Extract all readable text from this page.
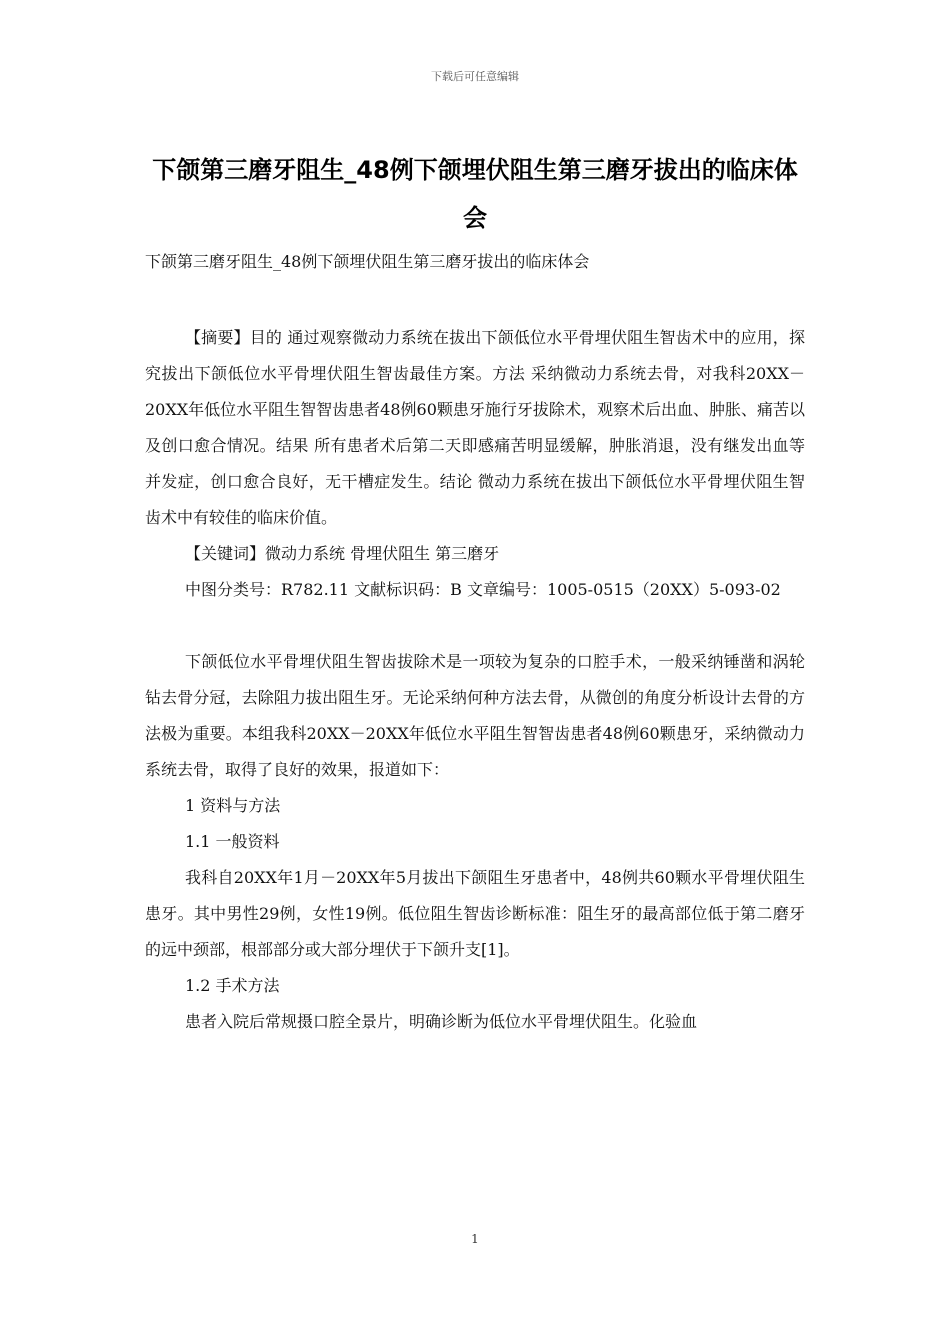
下载后可任意编辑
下颌第三磨牙阻生_48例下颌埋伏阻生第三磨牙拔出的临床体会
下颌第三磨牙阻生_48例下颌埋伏阻生第三磨牙拔出的临床体会

【摘要】目的 通过观察微动力系统在拔出下颌低位水平骨埋伏阻生智齿术中的应用，探究拔出下颌低位水平骨埋伏阻生智齿最佳方案。方法 采纳微动力系统去骨，对我科20XX－20XX年低位水平阻生智智齿患者48例60颗患牙施行牙拔除术，观察术后出血、肿胀、痛苦以及创口愈合情况。结果 所有患者术后第二天即感痛苦明显缓解，肿胀消退，没有继发出血等并发症，创口愈合良好，无干槽症发生。结论 微动力系统在拔出下颌低位水平骨埋伏阻生智齿术中有较佳的临床价值。

【关键词】微动力系统 骨埋伏阻生 第三磨牙

中图分类号：R782.11 文献标识码：B 文章编号：1005-0515（20XX）5-093-02

下颌低位水平骨埋伏阻生智齿拔除术是一项较为复杂的口腔手术，一般采纳锤凿和涡轮钻去骨分冠，去除阻力拔出阻生牙。无论采纳何种方法去骨，从微创的角度分析设计去骨的方法极为重要。本组我科20XX－20XX年低位水平阻生智智齿患者48例60颗患牙，采纳微动力系统去骨，取得了良好的效果，报道如下：

1 资料与方法

1.1 一般资料

我科自20XX年1月－20XX年5月拔出下颌阻生牙患者中，48例共60颗水平骨埋伏阻生患牙。其中男性29例，女性19例。低位阻生智齿诊断标准：阻生牙的最高部位低于第二磨牙的远中颈部，根部部分或大部分埋伏于下颌升支[1]。

1.2 手术方法

患者入院后常规摄口腔全景片，明确诊断为低位水平骨埋伏阻生。化验血

1
